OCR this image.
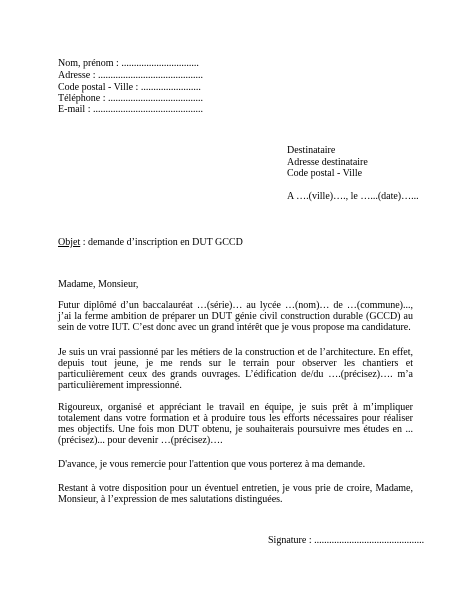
Nom, prénom : ...............................
Adresse : ..........................................
Code postal - Ville : ........................
Téléphone : ......................................
E-mail : ............................................
Destinataire
Adresse destinataire
Code postal - Ville
A ….(ville)…., le …...(date)…...
Objet : demande d’inscription en DUT GCCD
Madame, Monsieur,
Futur diplômé d’un baccalauréat …(série)… au lycée …(nom)… de …(commune)..., j’ai la ferme ambition de préparer un DUT génie civil construction durable (GCCD) au sein de votre IUT. C’est donc avec un grand intérêt que je vous propose ma candidature.
Je suis un vrai passionné par les métiers de la construction et de l’architecture. En effet, depuis tout jeune, je me rends sur le terrain pour observer les chantiers et particulièrement ceux des grands ouvrages. L’édification de/du ….(précisez)…. m’a particulièrement impressionné.
Rigoureux, organisé et appréciant le travail en équipe, je suis prêt à m’impliquer totalement dans votre formation et à produire tous les efforts nécessaires pour réaliser mes objectifs. Une fois mon DUT obtenu, je souhaiterais poursuivre mes études en ...(précisez)... pour devenir …(précisez)….
D'avance, je vous remercie pour l'attention que vous porterez à ma demande.
Restant à votre disposition pour un éventuel entretien, je vous prie de croire, Madame, Monsieur, à l’expression de mes salutations distinguées.
Signature : ............................................
